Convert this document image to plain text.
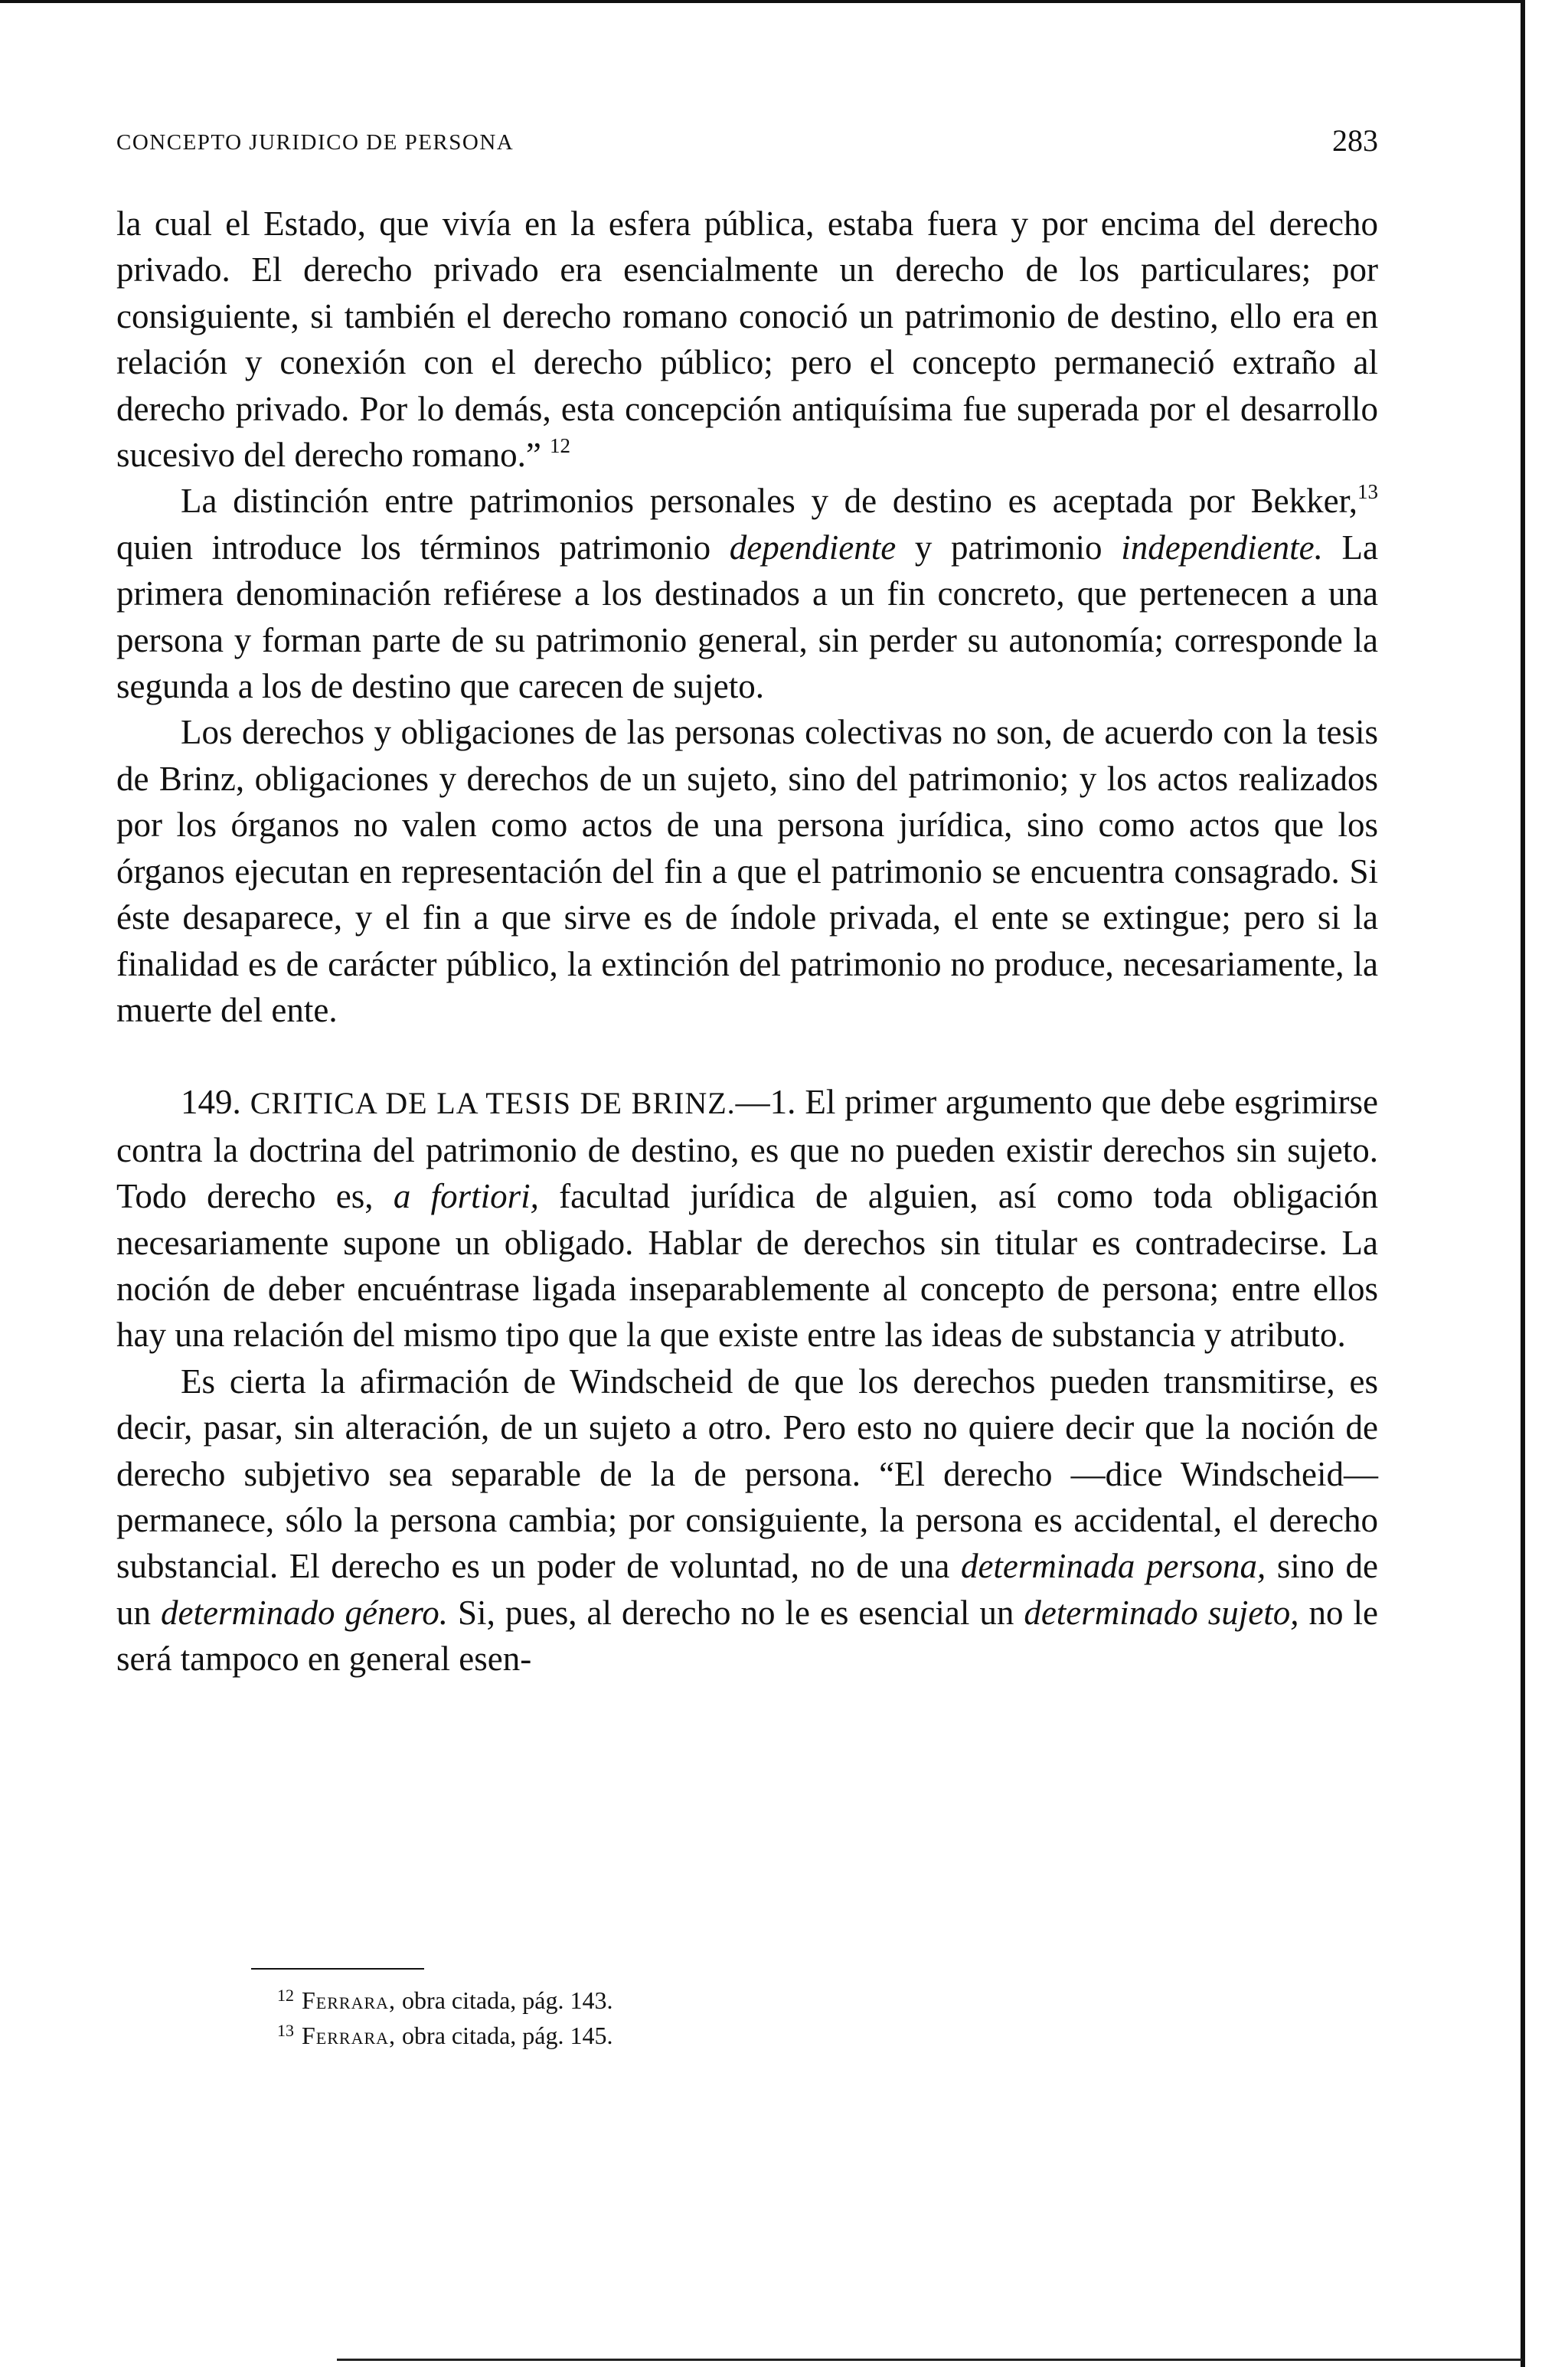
CONCEPTO JURIDICO DE PERSONA	283

la cual el Estado, que vivía en la esfera pública, estaba fuera y por encima del derecho privado. El derecho privado era esencialmente un derecho de los particulares; por consiguiente, si también el derecho romano conoció un patrimonio de destino, ello era en relación y conexión con el derecho público; pero el concepto permaneció extraño al derecho privado. Por lo demás, esta concepción antiquísima fue superada por el desarrollo sucesivo del derecho romano.” $^{12}$

La distinción entre patrimonios personales y de destino es aceptada por Bekker,$^{13}$ quien introduce los términos patrimonio dependiente y patrimonio independiente. La primera denominación refiérese a los destinados a un fin concreto, que pertenecen a una persona y forman parte de su patrimonio general, sin perder su autonomía; corresponde la segunda a los de destino que carecen de sujeto.

Los derechos y obligaciones de las personas colectivas no son, de acuerdo con la tesis de Brinz, obligaciones y derechos de un sujeto, sino del patrimonio; y los actos realizados por los órganos no valen como actos de una persona jurídica, sino como actos que los órganos ejecutan en representación del fin a que el patrimonio se encuentra consagrado. Si éste desaparece, y el fin a que sirve es de índole privada, el ente se extingue; pero si la finalidad es de carácter público, la extinción del patrimonio no produce, necesariamente, la muerte del ente.

149. CRITICA DE LA TESIS DE BRINZ.—1. El primer argumento que debe esgrimirse contra la doctrina del patrimonio de destino, es que no pueden existir derechos sin sujeto. Todo derecho es, a fortiori, facultad jurídica de alguien, así como toda obligación necesariamente supone un obligado. Hablar de derechos sin titular es contradecirse. La noción de deber encuéntrase ligada inseparablemente al concepto de persona; entre ellos hay una relación del mismo tipo que la que existe entre las ideas de substancia y atributo.

Es cierta la afirmación de Windscheid de que los derechos pueden transmitirse, es decir, pasar, sin alteración, de un sujeto a otro. Pero esto no quiere decir que la noción de derecho subjetivo sea separable de la de persona. “El derecho —dice Windscheid— permanece, sólo la persona cambia; por consiguiente, la persona es accidental, el derecho substancial. El derecho es un poder de voluntad, no de una determinada persona, sino de un determinado género. Si, pues, al derecho no le es esencial un determinado sujeto, no le será tampoco en general esen-

$^{12}$ Ferrara, obra citada, pág. 143.
$^{13}$ Ferrara, obra citada, pág. 145.
